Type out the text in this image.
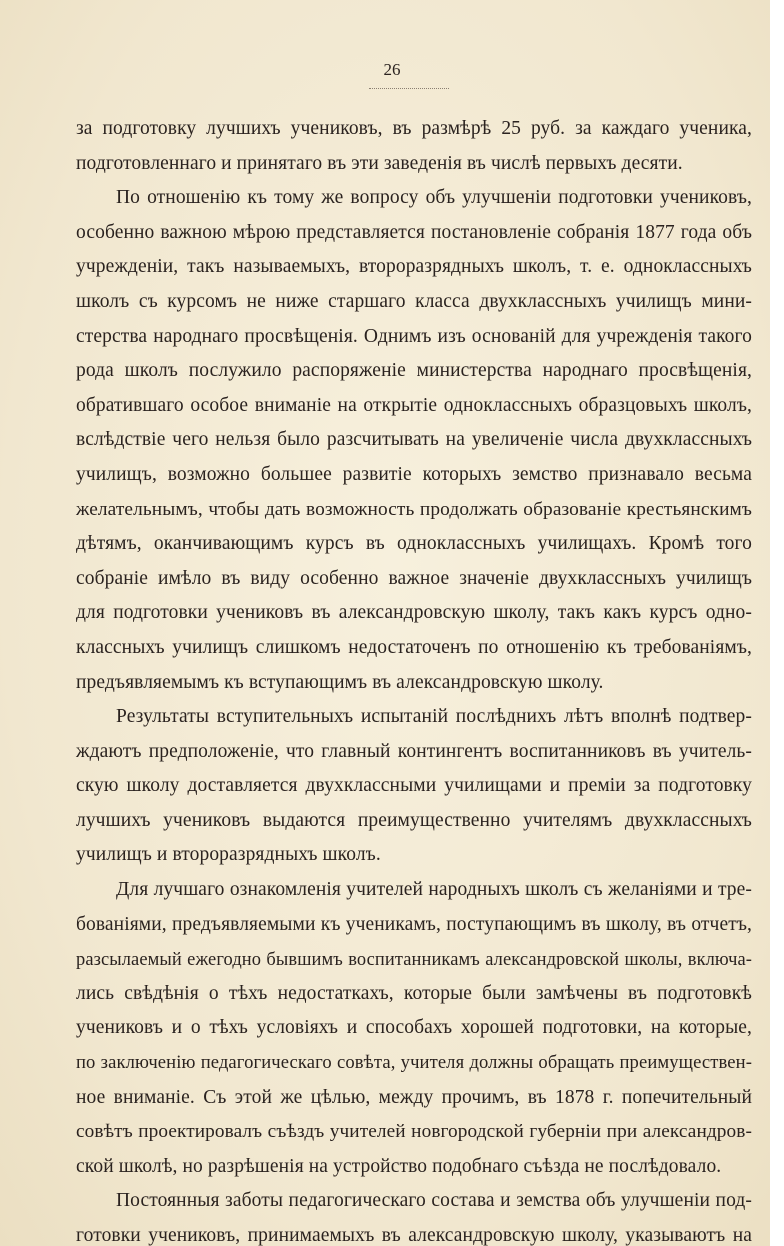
26
за подготовку лучшихъ учениковъ, въ размѣрѣ 25 руб. за каждаго ученика,
подготовленнаго и принятаго въ эти заведенія въ числѣ первыхъ десяти.
По отношенію къ тому же вопросу объ улучшеніи подготовки учениковъ,
особенно важною мѣрою представляется постановленіе собранія 1877 года объ
учрежденіи, такъ называемыхъ, второразрядныхъ школъ, т. е. одноклассныхъ
школъ съ курсомъ не ниже старшаго класса двухклассныхъ училищъ мини-
стерства народнаго просвѣщенія. Однимъ изъ основаній для учрежденія такого
рода школъ послужило распоряженіе министерства народнаго просвѣщенія,
обратившаго особое вниманіе на открытіе одноклассныхъ образцовыхъ школъ,
вслѣдствіе чего нельзя было разсчитывать на увеличеніе числа двухклассныхъ
училищъ, возможно большее развитіе которыхъ земство признавало весьма
желательнымъ, чтобы дать возможность продолжать образованіе крестьянскимъ
дѣтямъ, оканчивающимъ курсъ въ одноклассныхъ училищахъ. Кромѣ того
собраніе имѣло въ виду особенно важное значеніе двухклассныхъ училищъ
для подготовки учениковъ въ александровскую школу, такъ какъ курсъ одно-
классныхъ училищъ слишкомъ недостаточенъ по отношенію къ требованіямъ,
предъявляемымъ къ вступающимъ въ александровскую школу.
Результаты вступительныхъ испытаній послѣднихъ лѣтъ вполнѣ подтвер-
ждаютъ предположеніе, что главный контингентъ воспитанниковъ въ учитель-
скую школу доставляется двухклассными училищами и преміи за подготовку
лучшихъ учениковъ выдаются преимущественно учителямъ двухклассныхъ
училищъ и второразрядныхъ школъ.
Для лучшаго ознакомленія учителей народныхъ школъ съ желаніями и тре-
бованіями, предъявляемыми къ ученикамъ, поступающимъ въ школу, въ отчетъ,
разсылаемый ежегодно бывшимъ воспитанникамъ александровской школы, включа-
лись свѣдѣнія о тѣхъ недостаткахъ, которые были замѣчены въ подготовкѣ
учениковъ и о тѣхъ условіяхъ и способахъ хорошей подготовки, на которые,
по заключенію педагогическаго совѣта, учителя должны обращать преимуществен-
ное вниманіе. Съ этой же цѣлью, между прочимъ, въ 1878 г. попечительный
совѣтъ проектировалъ съѣздъ учителей новгородской губерніи при александров-
ской школѣ, но разрѣшенія на устройство подобнаго съѣзда не послѣдовало.
Постоянныя заботы педагогическаго состава и земства объ улучшеніи под-
готовки учениковъ, принимаемыхъ въ александровскую школу, указываютъ на
